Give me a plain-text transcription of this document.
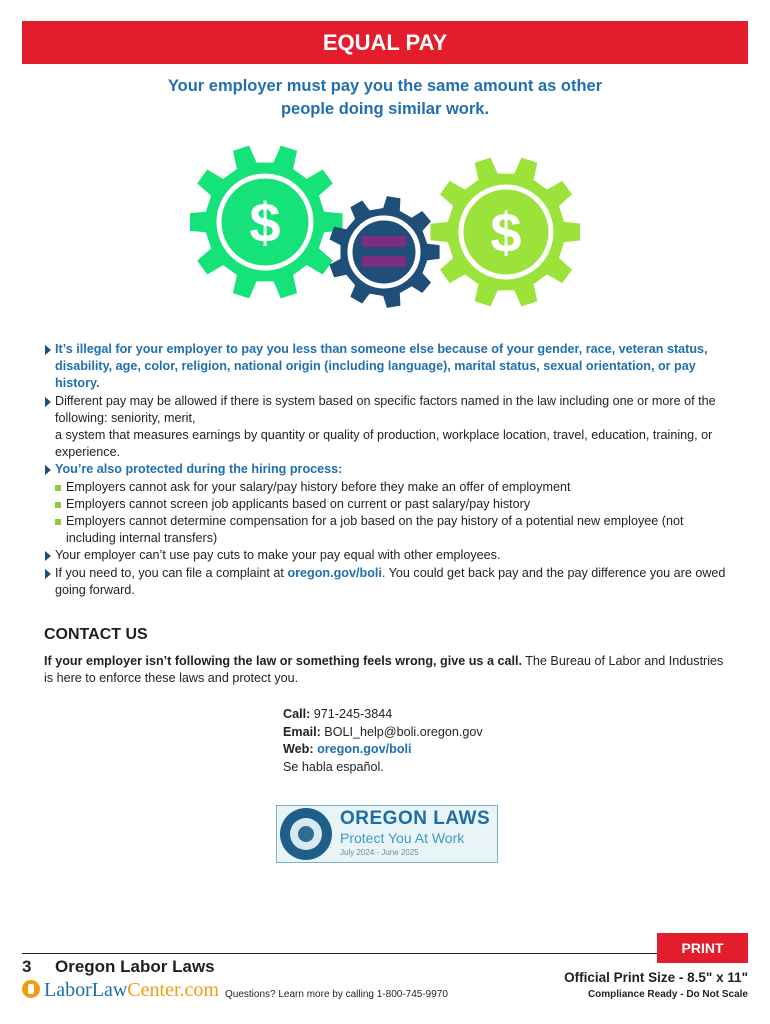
EQUAL PAY
Your employer must pay you the same amount as other
people doing similar work.
$	$
It’s illegal for your employer to pay you less than someone else because of your gender, race, veteran status, disability, age, color, religion, national origin (including language), marital status, sexual orientation, or pay history.
Different pay may be allowed if there is system based on specific factors named in the law including one or more of the following: seniority, merit,
a system that measures earnings by quantity or quality of production, workplace location, travel, education, training, or experience.
You’re also protected during the hiring process:
Employers cannot ask for your salary/pay history before they make an offer of employment
Employers cannot screen job applicants based on current or past salary/pay history
Employers cannot determine compensation for a job based on the pay history of a potential new employee (not including internal transfers)
Your employer can’t use pay cuts to make your pay equal with other employees.
If you need to, you can file a complaint at oregon.gov/boli. You could get back pay and the pay difference you are owed going forward.
CONTACT US
If your employer isn’t following the law or something feels wrong, give us a call. The Bureau of Labor and Industries is here to enforce these laws and protect you.
Call: 971-245-3844
Email: BOLI_help@boli.oregon.gov
Web: oregon.gov/boli
Se habla español.
OREGON LAWS
Protect You At Work
July 2024 - June 2025
PRINT
3 Oregon Labor Laws
LaborLawCenter.com Questions? Learn more by calling 1-800-745-9970
Official Print Size - 8.5" x 11"
Compliance Ready - Do Not Scale
